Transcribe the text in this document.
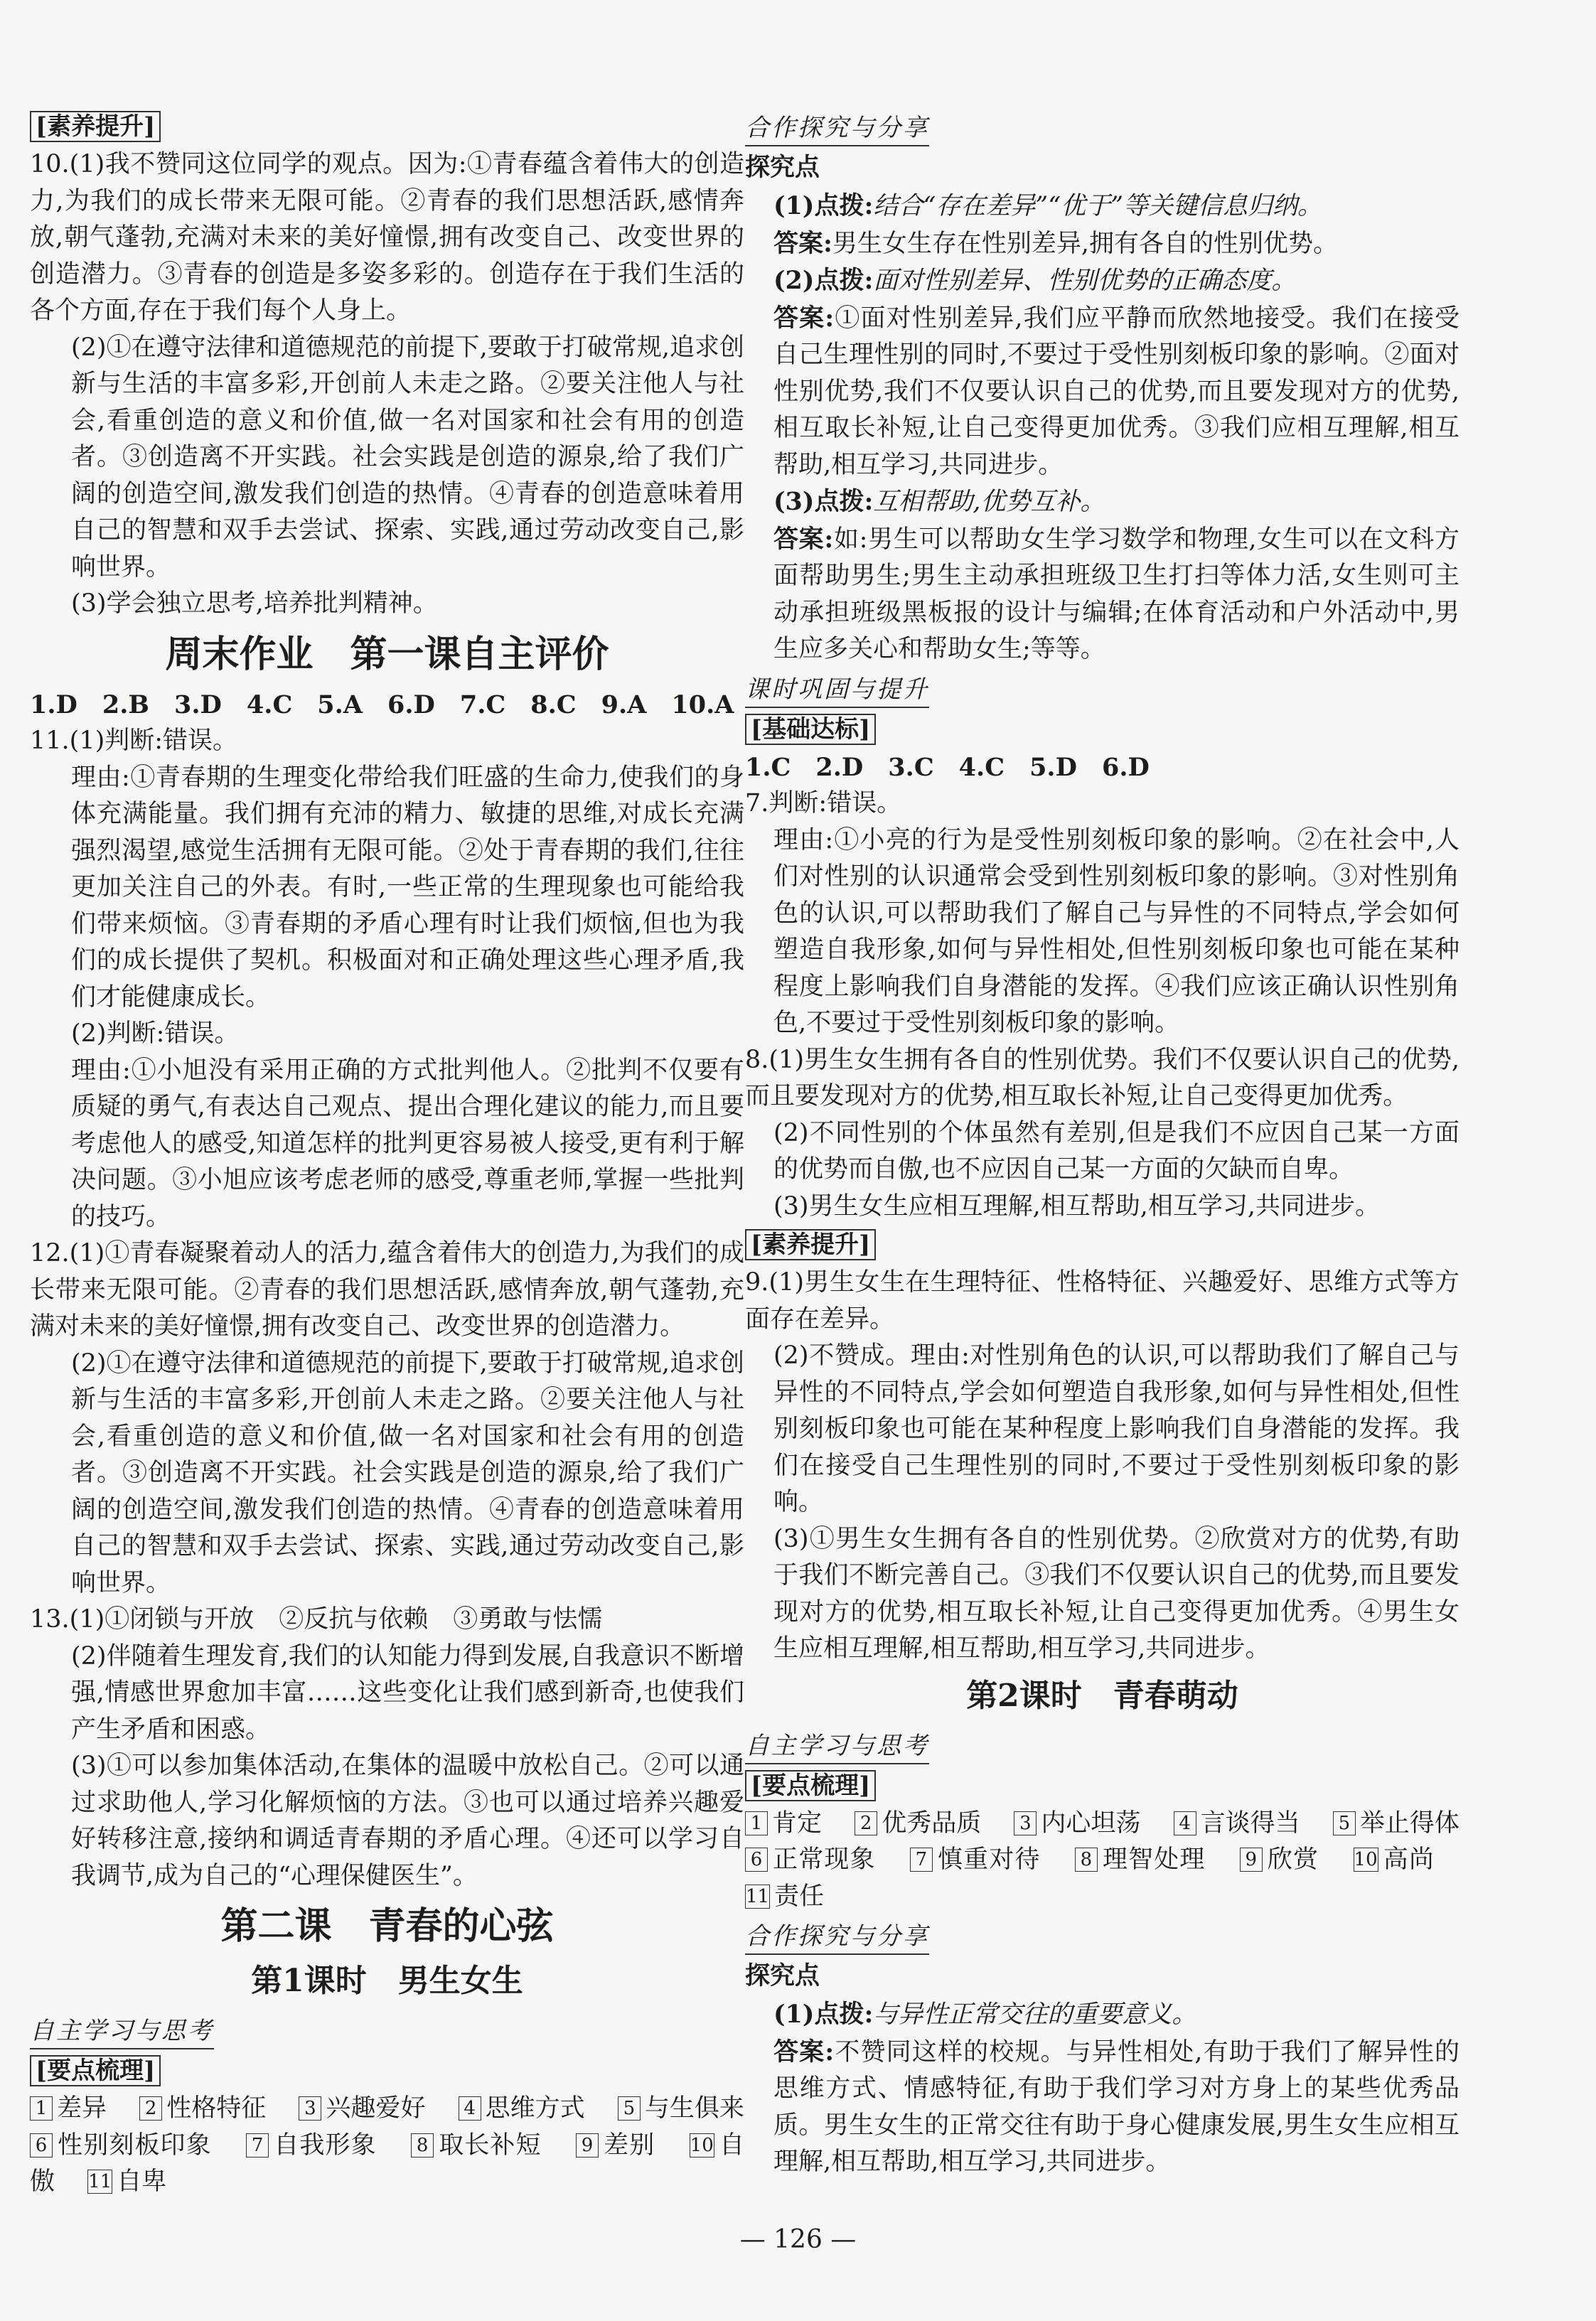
[素养提升]

10.(1)我不赞同这位同学的观点。因为:①青春蕴含着伟大的创造力,为我们的成长带来无限可能。②青春的我们思想活跃,感情奔放,朝气蓬勃,充满对未来的美好憧憬,拥有改变自己、改变世界的创造潜力。③青春的创造是多姿多彩的。创造存在于我们生活的各个方面,存在于我们每个人身上。

(2)①在遵守法律和道德规范的前提下,要敢于打破常规,追求创新与生活的丰富多彩,开创前人未走之路。②要关注他人与社会,看重创造的意义和价值,做一名对国家和社会有用的创造者。③创造离不开实践。社会实践是创造的源泉,给了我们广阔的创造空间,激发我们创造的热情。④青春的创造意味着用自己的智慧和双手去尝试、探索、实践,通过劳动改变自己,影响世界。

(3)学会独立思考,培养批判精神。

周末作业　第一课自主评价

1.D　2.B　3.D　4.C　5.A　6.D　7.C　8.C　9.A　10.A

11.(1)判断:错误。

理由:①青春期的生理变化带给我们旺盛的生命力,使我们的身体充满能量。我们拥有充沛的精力、敏捷的思维,对成长充满强烈渴望,感觉生活拥有无限可能。②处于青春期的我们,往往更加关注自己的外表。有时,一些正常的生理现象也可能给我们带来烦恼。③青春期的矛盾心理有时让我们烦恼,但也为我们的成长提供了契机。积极面对和正确处理这些心理矛盾,我们才能健康成长。

(2)判断:错误。

理由:①小旭没有采用正确的方式批判他人。②批判不仅要有质疑的勇气,有表达自己观点、提出合理化建议的能力,而且要考虑他人的感受,知道怎样的批判更容易被人接受,更有利于解决问题。③小旭应该考虑老师的感受,尊重老师,掌握一些批判的技巧。

12.(1)①青春凝聚着动人的活力,蕴含着伟大的创造力,为我们的成长带来无限可能。②青春的我们思想活跃,感情奔放,朝气蓬勃,充满对未来的美好憧憬,拥有改变自己、改变世界的创造潜力。

(2)①在遵守法律和道德规范的前提下,要敢于打破常规,追求创新与生活的丰富多彩,开创前人未走之路。②要关注他人与社会,看重创造的意义和价值,做一名对国家和社会有用的创造者。③创造离不开实践。社会实践是创造的源泉,给了我们广阔的创造空间,激发我们创造的热情。④青春的创造意味着用自己的智慧和双手去尝试、探索、实践,通过劳动改变自己,影响世界。

13.(1)①闭锁与开放　②反抗与依赖　③勇敢与怯懦

(2)伴随着生理发育,我们的认知能力得到发展,自我意识不断增强,情感世界愈加丰富……这些变化让我们感到新奇,也使我们产生矛盾和困惑。

(3)①可以参加集体活动,在集体的温暖中放松自己。②可以通过求助他人,学习化解烦恼的方法。③也可以通过培养兴趣爱好转移注意,接纳和调适青春期的矛盾心理。④还可以学习自我调节,成为自己的“心理保健医生”。

第二课　青春的心弦
第1课时　男生女生
自主学习与思考
[要点梳理]

1 差异　 2 性格特征　 3 兴趣爱好　 4 思维方式　 5 与生俱来　 6 性别刻板印象　 7 自我形象　 8 取长补短　 9 差别　 10 自傲　 11 自卑

合作探究与分享
探究点

(1)点拨:结合“存在差异”“优于”等关键信息归纳。

答案:男生女生存在性别差异,拥有各自的性别优势。

(2)点拨:面对性别差异、性别优势的正确态度。

答案:①面对性别差异,我们应平静而欣然地接受。我们在接受自己生理性别的同时,不要过于受性别刻板印象的影响。②面对性别优势,我们不仅要认识自己的优势,而且要发现对方的优势,相互取长补短,让自己变得更加优秀。③我们应相互理解,相互帮助,相互学习,共同进步。

(3)点拨:互相帮助,优势互补。

答案:如:男生可以帮助女生学习数学和物理,女生可以在文科方面帮助男生;男生主动承担班级卫生打扫等体力活,女生则可主动承担班级黑板报的设计与编辑;在体育活动和户外活动中,男生应多关心和帮助女生;等等。

课时巩固与提升
[基础达标]

1.C　2.D　3.C　4.C　5.D　6.D

7.判断:错误。

理由:①小亮的行为是受性别刻板印象的影响。②在社会中,人们对性别的认识通常会受到性别刻板印象的影响。③对性别角色的认识,可以帮助我们了解自己与异性的不同特点,学会如何塑造自我形象,如何与异性相处,但性别刻板印象也可能在某种程度上影响我们自身潜能的发挥。④我们应该正确认识性别角色,不要过于受性别刻板印象的影响。

8.(1)男生女生拥有各自的性别优势。我们不仅要认识自己的优势,而且要发现对方的优势,相互取长补短,让自己变得更加优秀。

(2)不同性别的个体虽然有差别,但是我们不应因自己某一方面的优势而自傲,也不应因自己某一方面的欠缺而自卑。

(3)男生女生应相互理解,相互帮助,相互学习,共同进步。

[素养提升]

9.(1)男生女生在生理特征、性格特征、兴趣爱好、思维方式等方面存在差异。

(2)不赞成。理由:对性别角色的认识,可以帮助我们了解自己与异性的不同特点,学会如何塑造自我形象,如何与异性相处,但性别刻板印象也可能在某种程度上影响我们自身潜能的发挥。我们在接受自己生理性别的同时,不要过于受性别刻板印象的影响。

(3)①男生女生拥有各自的性别优势。②欣赏对方的优势,有助于我们不断完善自己。③我们不仅要认识自己的优势,而且要发现对方的优势,相互取长补短,让自己变得更加优秀。④男生女生应相互理解,相互帮助,相互学习,共同进步。

第2课时　青春萌动
自主学习与思考
[要点梳理]

1 肯定　 2 优秀品质　 3 内心坦荡　 4 言谈得当　 5 举止得体　 6 正常现象　 7 慎重对待　 8 理智处理　 9 欣赏　 10 高尚　 11 责任

合作探究与分享
探究点

(1)点拨:与异性正常交往的重要意义。

答案:不赞同这样的校规。与异性相处,有助于我们了解异性的思维方式、情感特征,有助于我们学习对方身上的某些优秀品质。男生女生的正常交往有助于身心健康发展,男生女生应相互理解,相互帮助,相互学习,共同进步。

— 126 —
